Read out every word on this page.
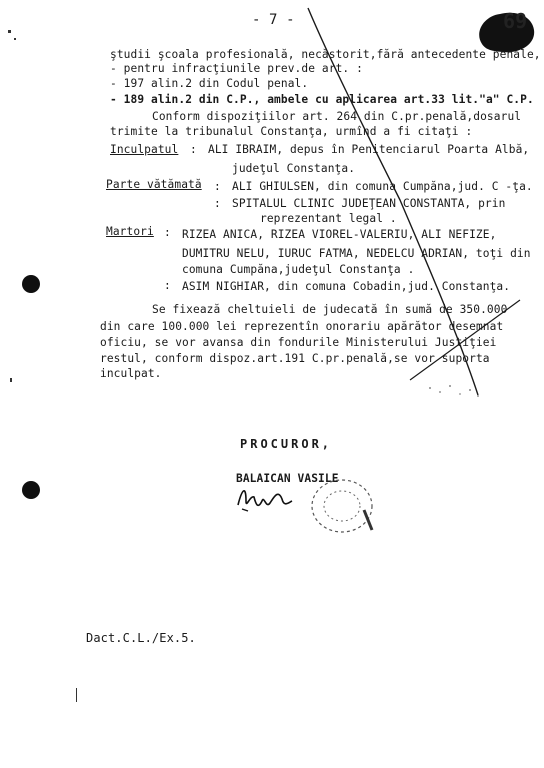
- 7 -	69
ştudii şcoala profesională, necăstorit,fără antecedente penale,
- pentru infracţiunile prev.de art. :
- 197 alin.2 din Codul penal.
- 189 alin.2 din C.P., ambele cu aplicarea art.33 lit."a" C.P.
Conform dispoziţiilor art. 264 din C.pr.penală,dosarul
trimite la tribunalul Constanţa, urmînd a fi citaţi :
Inculpatul : ALI IBRAIM, depus în Penitenciarul Poarta Albă,
judeţul Constanţa.
Parte vătămată : ALI GHIULSEN, din comuna Cumpăna,jud. C -ţa.
: SPITALUL CLINIC JUDEŢEAN CONSTANTA, prin
reprezentant legal .
Martori : RIZEA ANICA, RIZEA VIOREL-VALERIU, ALI NEFIZE,
DUMITRU NELU, IURUC FATMA, NEDELCU ADRIAN, toţi din
comuna Cumpăna,judeţul Constanţa .
: ASIM NIGHIAR, din comuna Cobadin,jud. Constanţa.
Se fixează cheltuieli de judecată în sumă de 350.000
din care 100.000 lei reprezentîn onorariu apărător desemnat
oficiu, se vor avansa din fondurile Ministerului Justiţiei
restul, conform dispoz.art.191 C.pr.penală,se vor suporta
inculpat.
PROCUROR,
BALAICAN VASILE
Dact.C.L./Ex.5.
